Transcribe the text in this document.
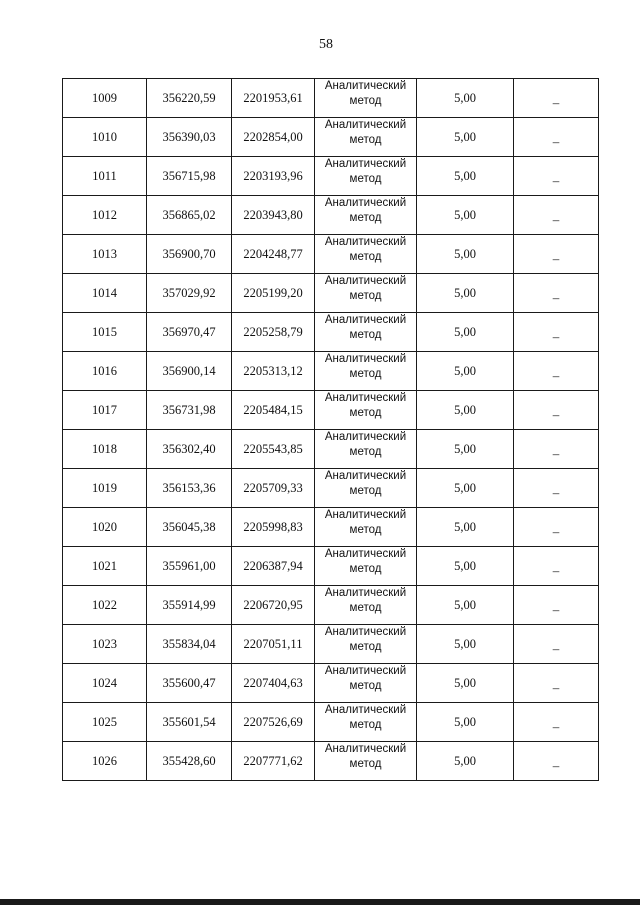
58
1009	356220,59	2201953,61	Аналитический
метод	5,00	–
1010	356390,03	2202854,00	Аналитический
метод	5,00	–
1011	356715,98	2203193,96	Аналитический
метод	5,00	–
1012	356865,02	2203943,80	Аналитический
метод	5,00	–
1013	356900,70	2204248,77	Аналитический
метод	5,00	–
1014	357029,92	2205199,20	Аналитический
метод	5,00	–
1015	356970,47	2205258,79	Аналитический
метод	5,00	–
1016	356900,14	2205313,12	Аналитический
метод	5,00	–
1017	356731,98	2205484,15	Аналитический
метод	5,00	–
1018	356302,40	2205543,85	Аналитический
метод	5,00	–
1019	356153,36	2205709,33	Аналитический
метод	5,00	–
1020	356045,38	2205998,83	Аналитический
метод	5,00	–
1021	355961,00	2206387,94	Аналитический
метод	5,00	–
1022	355914,99	2206720,95	Аналитический
метод	5,00	–
1023	355834,04	2207051,11	Аналитический
метод	5,00	–
1024	355600,47	2207404,63	Аналитический
метод	5,00	–
1025	355601,54	2207526,69	Аналитический
метод	5,00	–
1026	355428,60	2207771,62	Аналитический
метод	5,00	–
